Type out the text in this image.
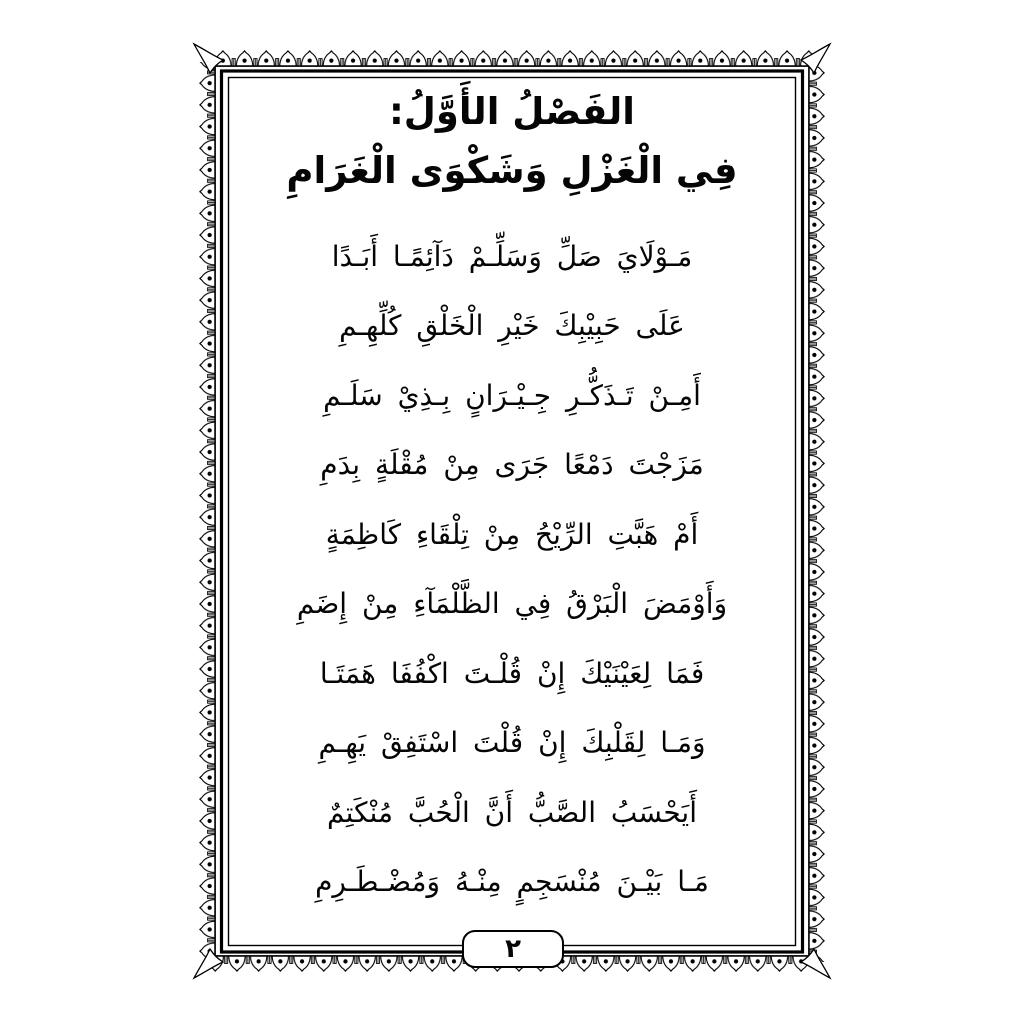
الفَصْلُ الأَوَّلُ:
فِي الْغَزْلِ وَشَكْوَى الْغَرَامِ
مَـوْلَايَ صَلِّ وَسَلِّـمْ دَآئِمًـا أَبَـدًا
عَلَى حَبِيْبِكَ خَيْرِ الْخَلْقِ كُلِّهِـمِ
أَمِـنْ تَـذَكُّـرِ جِـيْـرَانٍ بِـذِيْ سَلَـمِ
مَزَجْتَ دَمْعًا جَرَى مِنْ مُقْلَةٍ بِدَمِ
أَمْ هَبَّتِ الرِّيْحُ مِنْ تِلْقَاءِ كَاظِمَةٍ
وَأَوْمَضَ الْبَرْقُ فِي الظَّلْمَآءِ مِنْ إِضَمِ
فَمَا لِعَيْنَيْكَ إِنْ قُلْـتَ اكْفُفَا هَمَتَـا
وَمَـا لِقَلْبِكَ إِنْ قُلْتَ اسْتَفِقْ يَهِـمِ
أَيَحْسَبُ الصَّبُّ أَنَّ الْحُبَّ مُنْكَتِمٌ
مَـا بَيْـنَ مُنْسَجِمٍ مِنْـهُ وَمُضْـطَـرِمِ
٢
